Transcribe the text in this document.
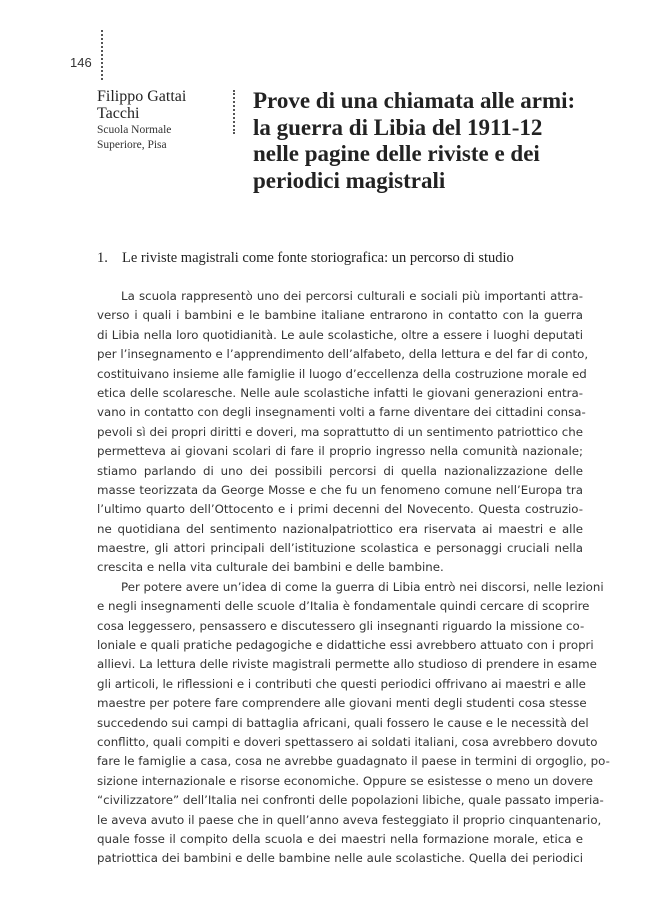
146
Filippo Gattai Tacchi
Scuola Normale
Superiore, Pisa
Prove di una chiamata alle armi: la guerra di Libia del 1911-12 nelle pagine delle riviste e dei periodici magistrali
1. Le riviste magistrali come fonte storiografica: un percorso di studio
La scuola rappresentò uno dei percorsi culturali e sociali più importanti attra-
verso i quali i bambini e le bambine italiane entrarono in contatto con la guerra
di Libia nella loro quotidianità. Le aule scolastiche, oltre a essere i luoghi deputati
per l’insegnamento e l’apprendimento dell’alfabeto, della lettura e del far di conto,
costituivano insieme alle famiglie il luogo d’eccellenza della costruzione morale ed
etica delle scolaresche. Nelle aule scolastiche infatti le giovani generazioni entra-
vano in contatto con degli insegnamenti volti a farne diventare dei cittadini consa-
pevoli sì dei propri diritti e doveri, ma soprattutto di un sentimento patriottico che
permetteva ai giovani scolari di fare il proprio ingresso nella comunità nazionale;
stiamo parlando di uno dei possibili percorsi di quella nazionalizzazione delle
masse teorizzata da George Mosse e che fu un fenomeno comune nell’Europa tra
l’ultimo quarto dell’Ottocento e i primi decenni del Novecento. Questa costruzio-
ne quotidiana del sentimento nazionalpatriottico era riservata ai maestri e alle
maestre, gli attori principali dell’istituzione scolastica e personaggi cruciali nella
crescita e nella vita culturale dei bambini e delle bambine.
Per potere avere un’idea di come la guerra di Libia entrò nei discorsi, nelle lezioni
e negli insegnamenti delle scuole d’Italia è fondamentale quindi cercare di scoprire
cosa leggessero, pensassero e discutessero gli insegnanti riguardo la missione co-
loniale e quali pratiche pedagogiche e didattiche essi avrebbero attuato con i propri
allievi. La lettura delle riviste magistrali permette allo studioso di prendere in esame
gli articoli, le riflessioni e i contributi che questi periodici offrivano ai maestri e alle
maestre per potere fare comprendere alle giovani menti degli studenti cosa stesse
succedendo sui campi di battaglia africani, quali fossero le cause e le necessità del
conflitto, quali compiti e doveri spettassero ai soldati italiani, cosa avrebbero dovuto
fare le famiglie a casa, cosa ne avrebbe guadagnato il paese in termini di orgoglio, po-
sizione internazionale e risorse economiche. Oppure se esistesse o meno un dovere
“civilizzatore” dell’Italia nei confronti delle popolazioni libiche, quale passato imperia-
le aveva avuto il paese che in quell’anno aveva festeggiato il proprio cinquantenario,
quale fosse il compito della scuola e dei maestri nella formazione morale, etica e
patriottica dei bambini e delle bambine nelle aule scolastiche. Quella dei periodici
